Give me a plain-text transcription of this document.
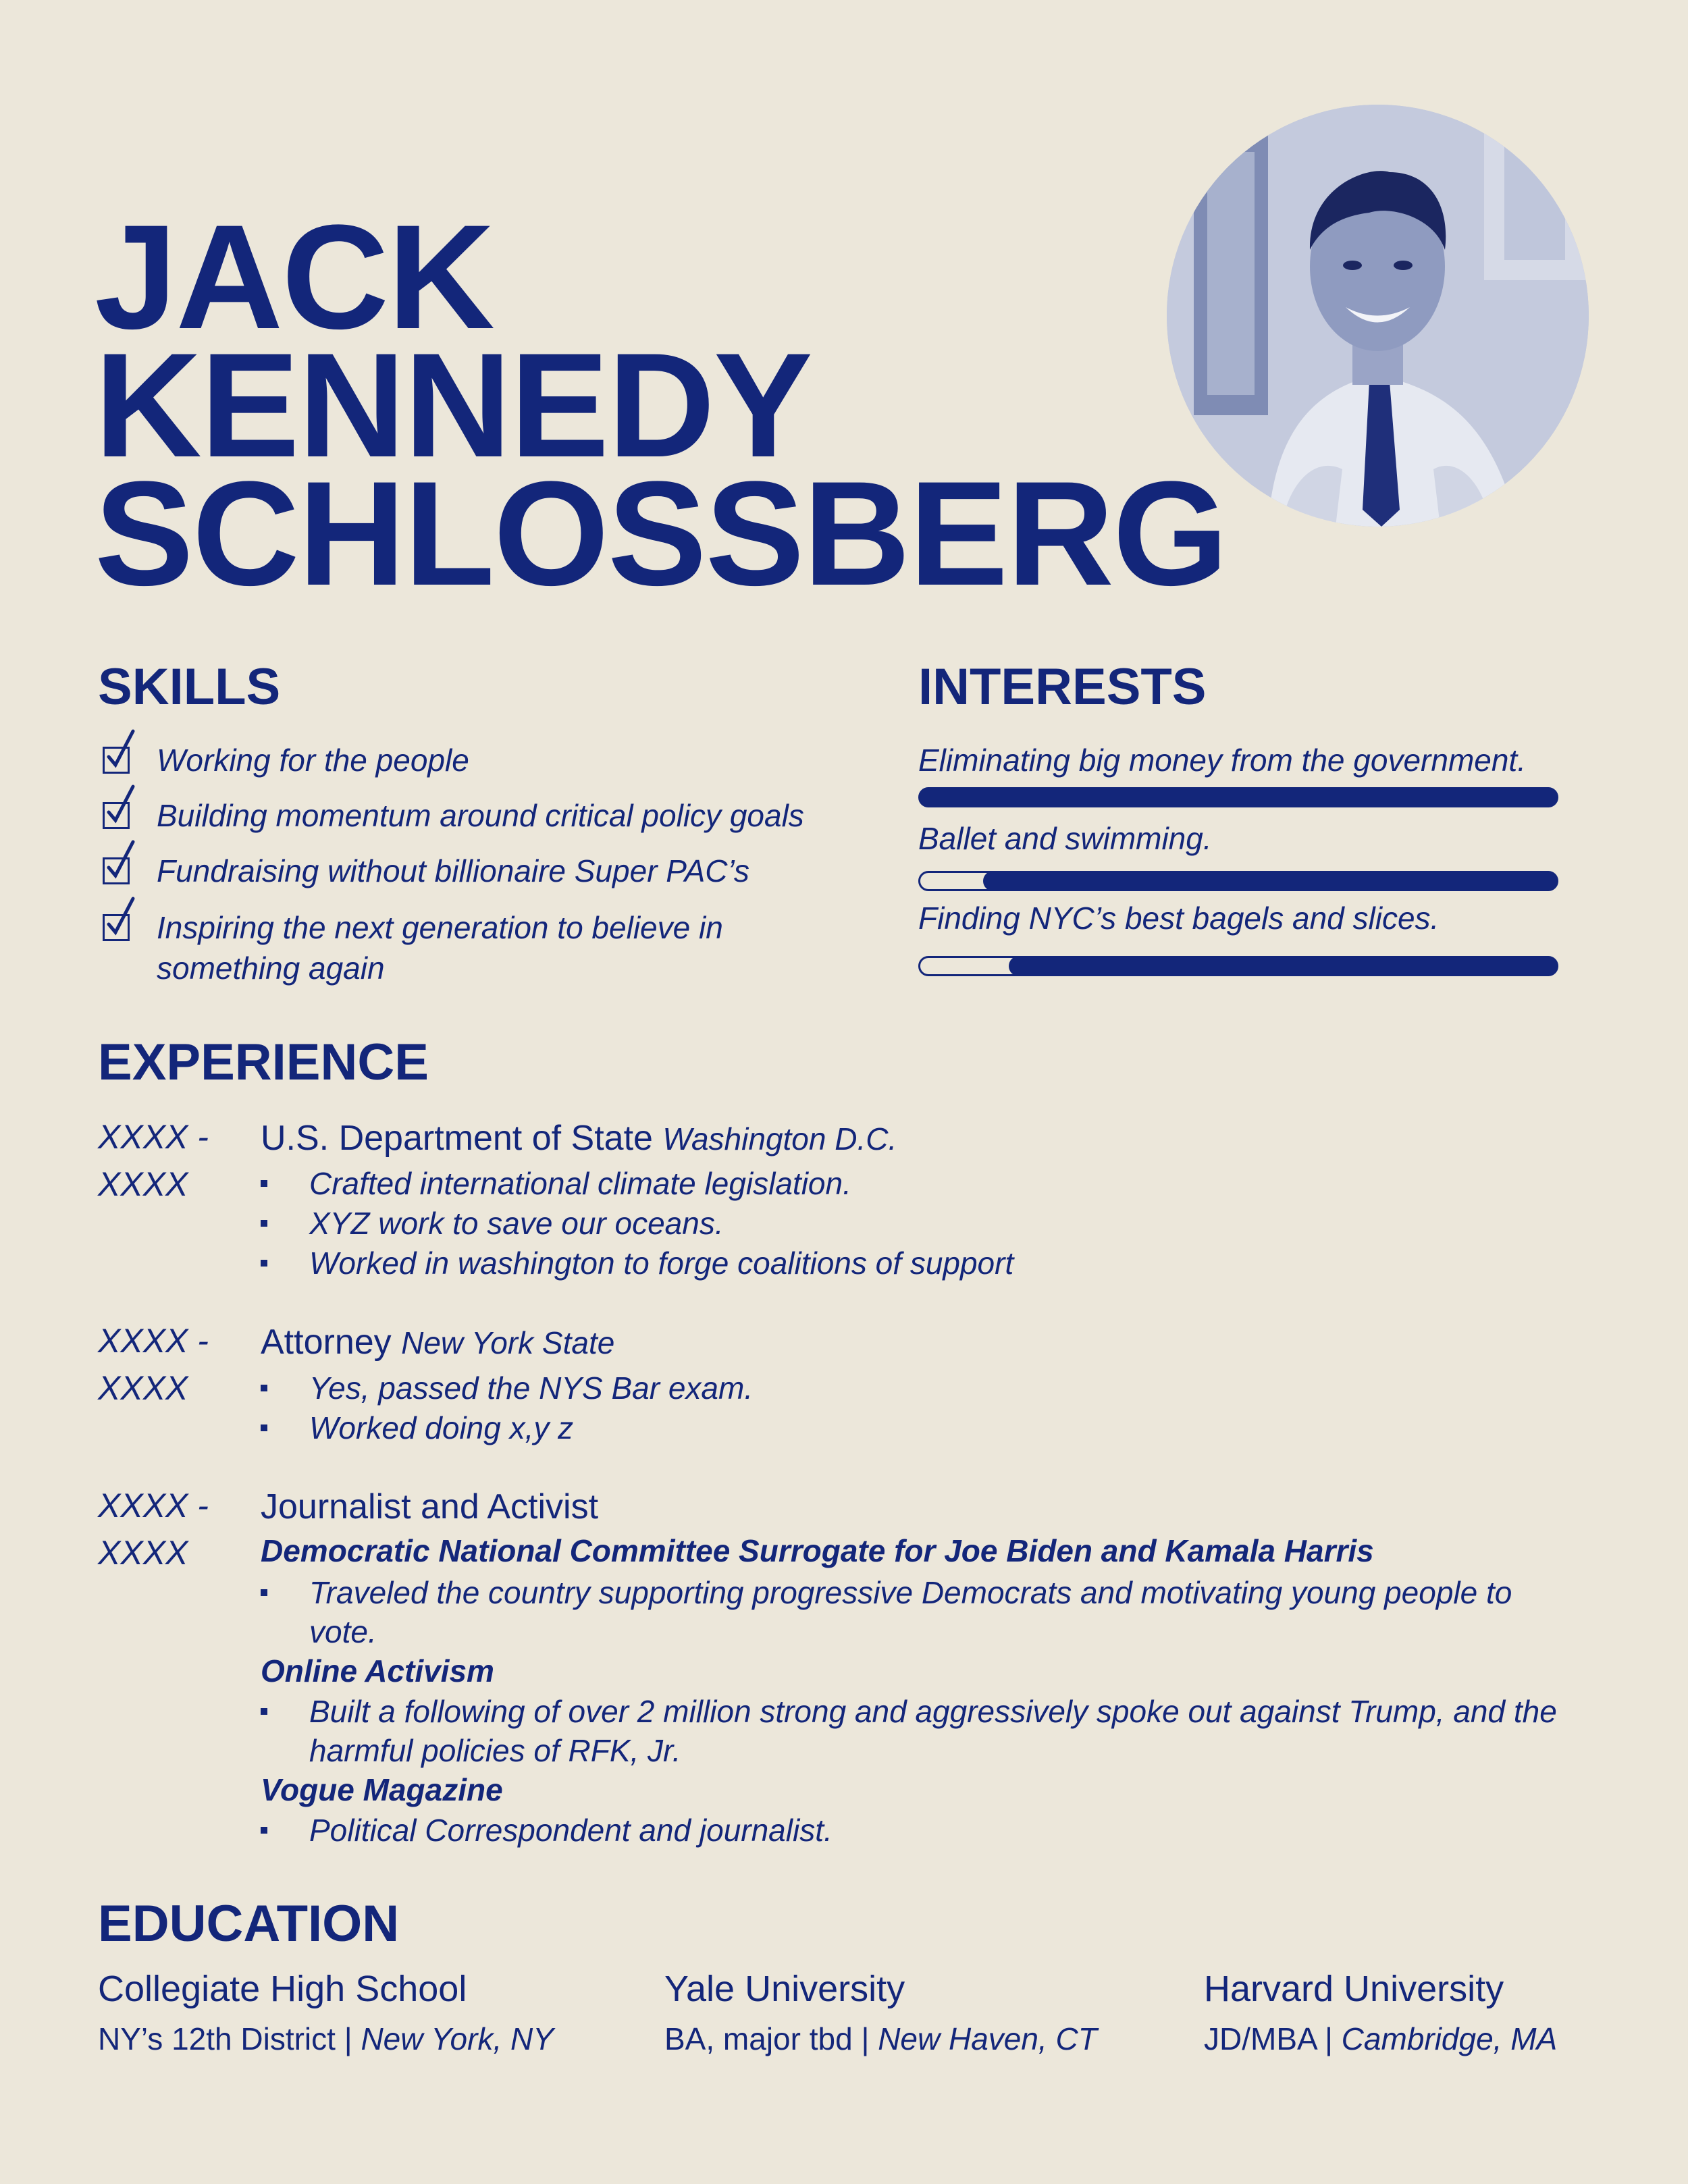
JACK
KENNEDY
SCHLOSSBERG
SKILLS
Working for the people
Building momentum around critical policy goals
Fundraising without billionaire Super PAC’s
Inspiring the next generation to believe in something again
INTERESTS
Eliminating big money from the government.
Ballet and swimming.
Finding NYC’s best bagels and slices.
EXPERIENCE
XXXX -
XXXX
U.S. Department of State Washington D.C.
Crafted international climate legislation.
XYZ work to save our oceans.
Worked in washington to forge coalitions of support
XXXX -
XXXX
Attorney New York State
Yes, passed the NYS Bar exam.
Worked doing x,y z
XXXX -
XXXX
Journalist and Activist
Democratic National Committee Surrogate for Joe Biden and Kamala Harris
Traveled the country supporting progressive Democrats and motivating young people to vote.
Online Activism
Built a following of over 2 million strong and aggressively spoke out against Trump, and the harmful policies of RFK, Jr.
Vogue Magazine
Political Correspondent and journalist.
EDUCATION
Collegiate High School
NY’s 12th District | New York, NY
Yale University
BA, major tbd | New Haven, CT
Harvard University
JD/MBA | Cambridge, MA
